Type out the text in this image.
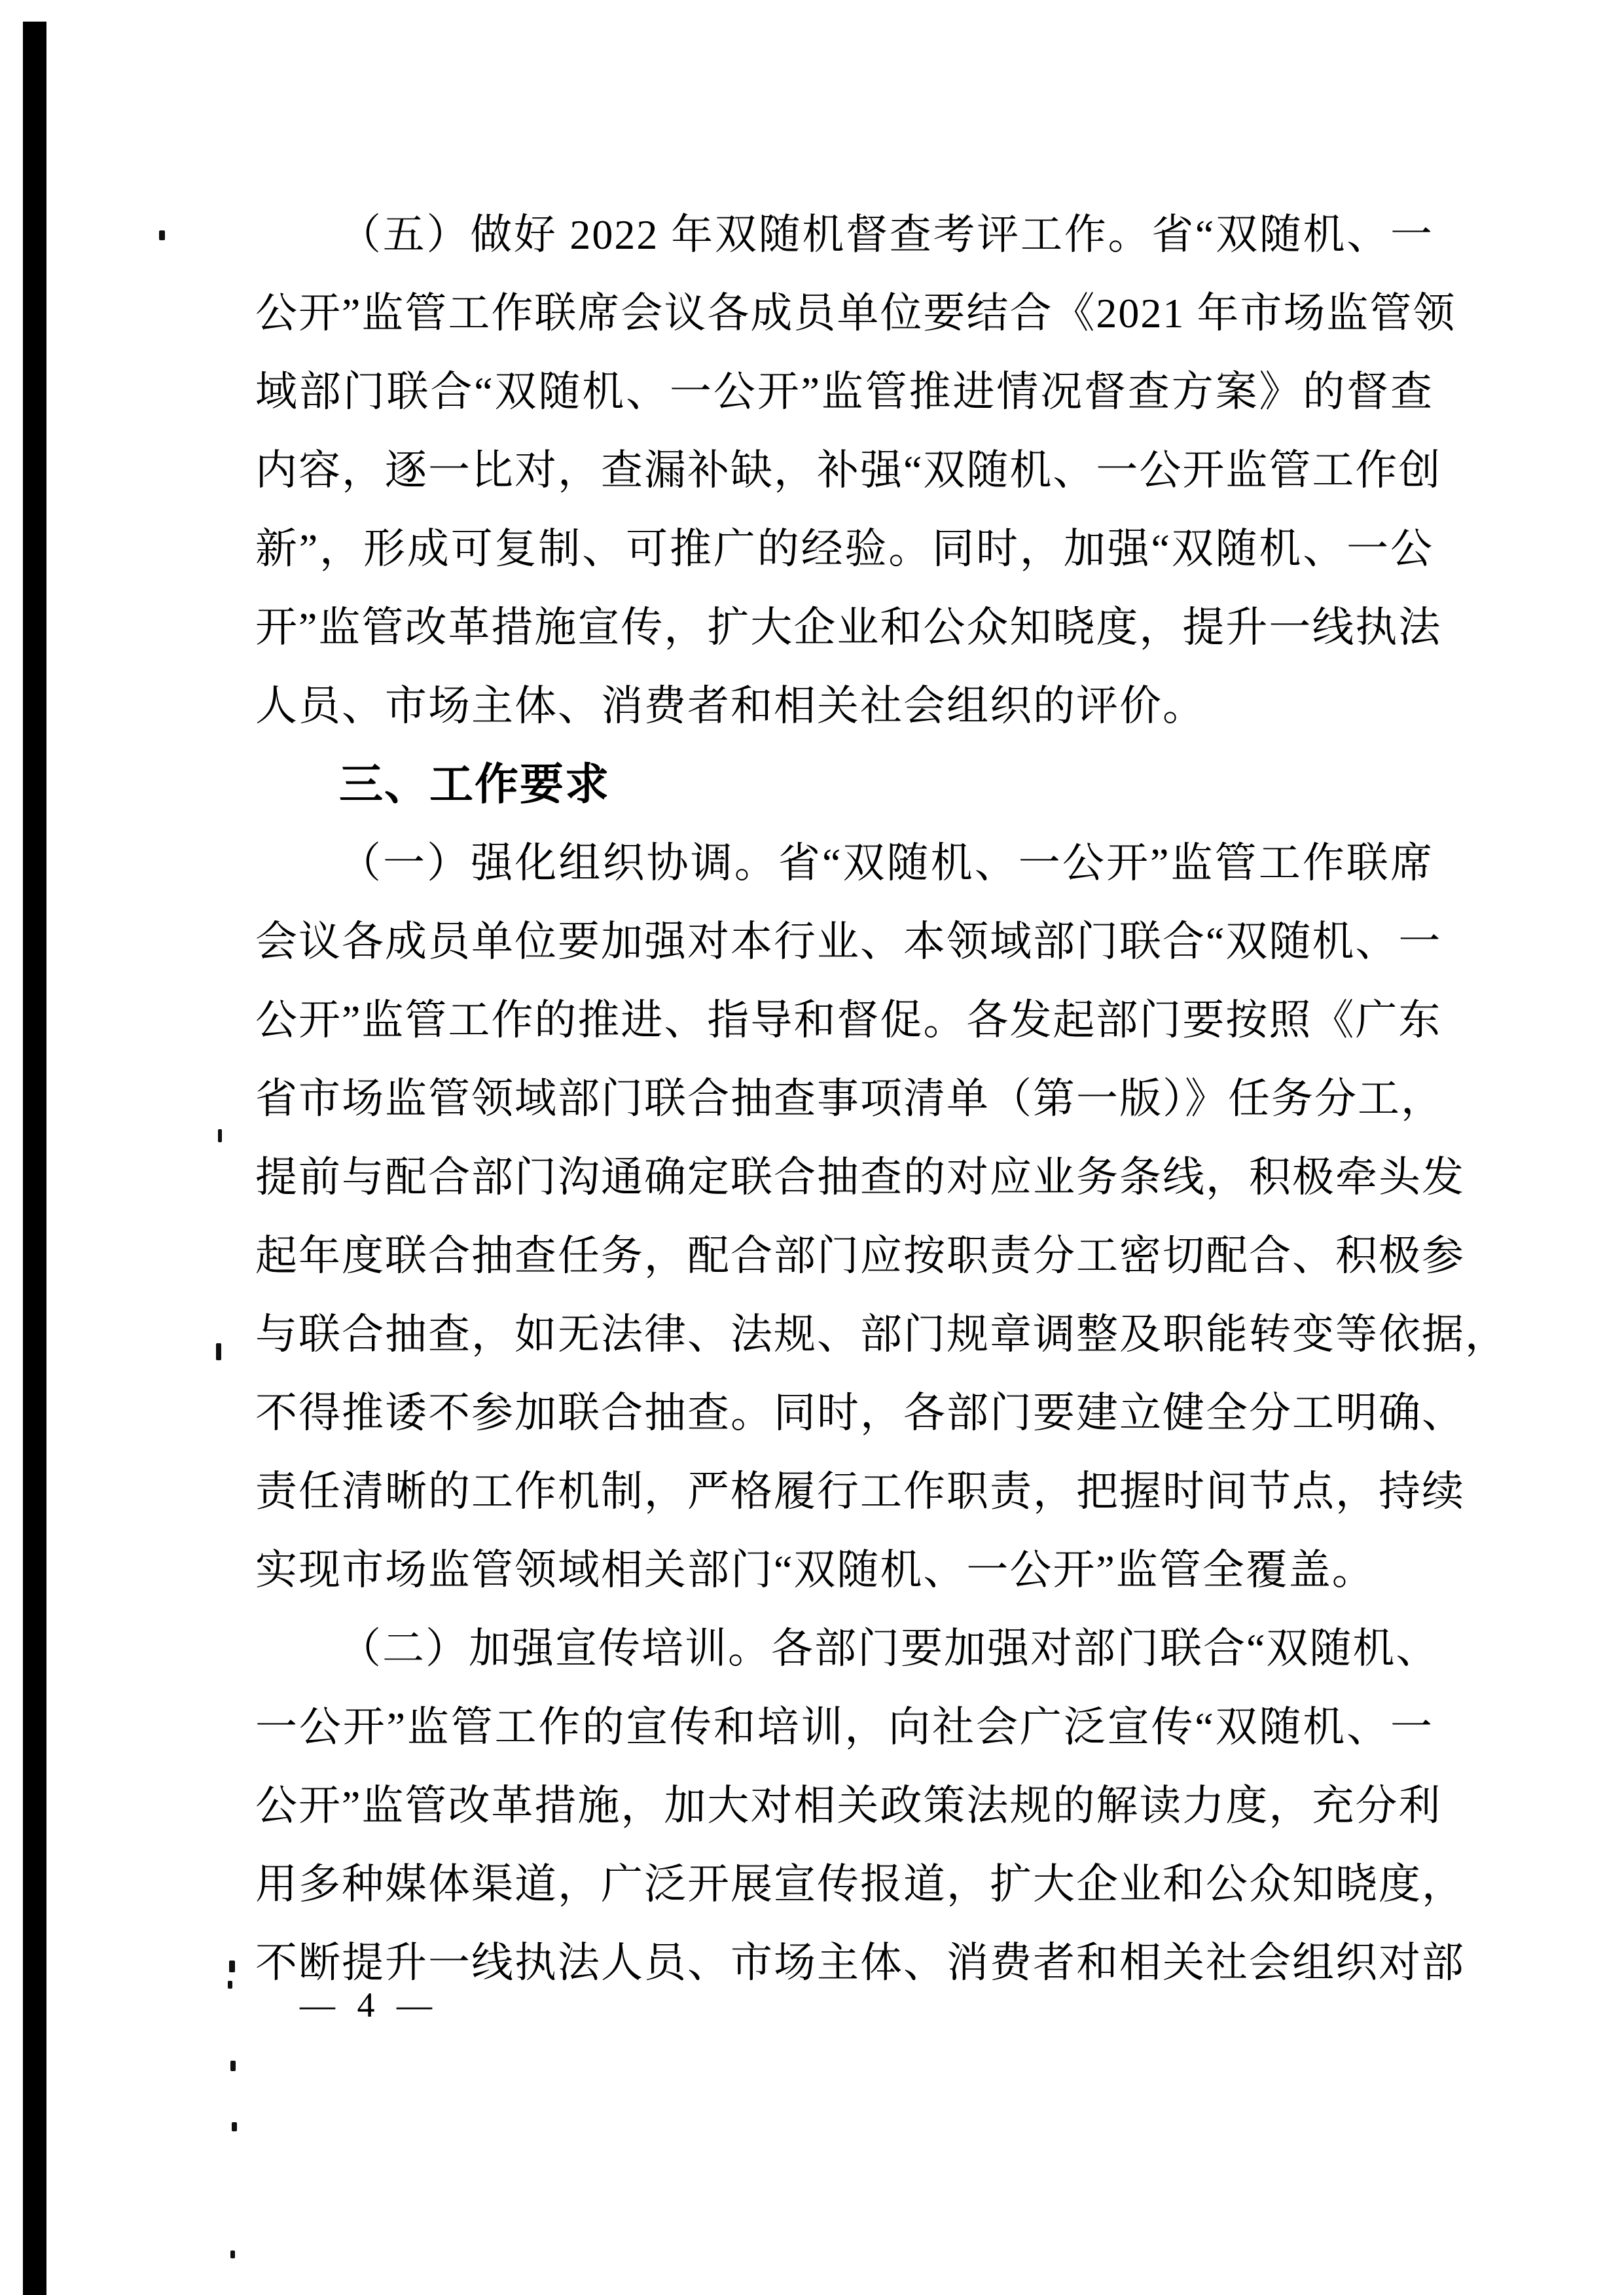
（五）做好 2022 年双随机督查考评工作。省“双随机、一
公开”监管工作联席会议各成员单位要结合《2021 年市场监管领
域部门联合“双随机、一公开”监管推进情况督查方案》的督查
内容，逐一比对，查漏补缺，补强“双随机、一公开监管工作创
新”，形成可复制、可推广的经验。同时，加强“双随机、一公
开”监管改革措施宣传，扩大企业和公众知晓度，提升一线执法
人员、市场主体、消费者和相关社会组织的评价。
三、工作要求
（一）强化组织协调。省“双随机、一公开”监管工作联席
会议各成员单位要加强对本行业、本领域部门联合“双随机、一
公开”监管工作的推进、指导和督促。各发起部门要按照《广东
省市场监管领域部门联合抽查事项清单（第一版）》任务分工，
提前与配合部门沟通确定联合抽查的对应业务条线，积极牵头发
起年度联合抽查任务，配合部门应按职责分工密切配合、积极参
与联合抽查，如无法律、法规、部门规章调整及职能转变等依据，
不得推诿不参加联合抽查。同时，各部门要建立健全分工明确、
责任清晰的工作机制，严格履行工作职责，把握时间节点，持续
实现市场监管领域相关部门“双随机、一公开”监管全覆盖。
（二）加强宣传培训。各部门要加强对部门联合“双随机、
一公开”监管工作的宣传和培训，向社会广泛宣传“双随机、一
公开”监管改革措施，加大对相关政策法规的解读力度，充分利
用多种媒体渠道，广泛开展宣传报道，扩大企业和公众知晓度，
不断提升一线执法人员、市场主体、消费者和相关社会组织对部
— 4 —
